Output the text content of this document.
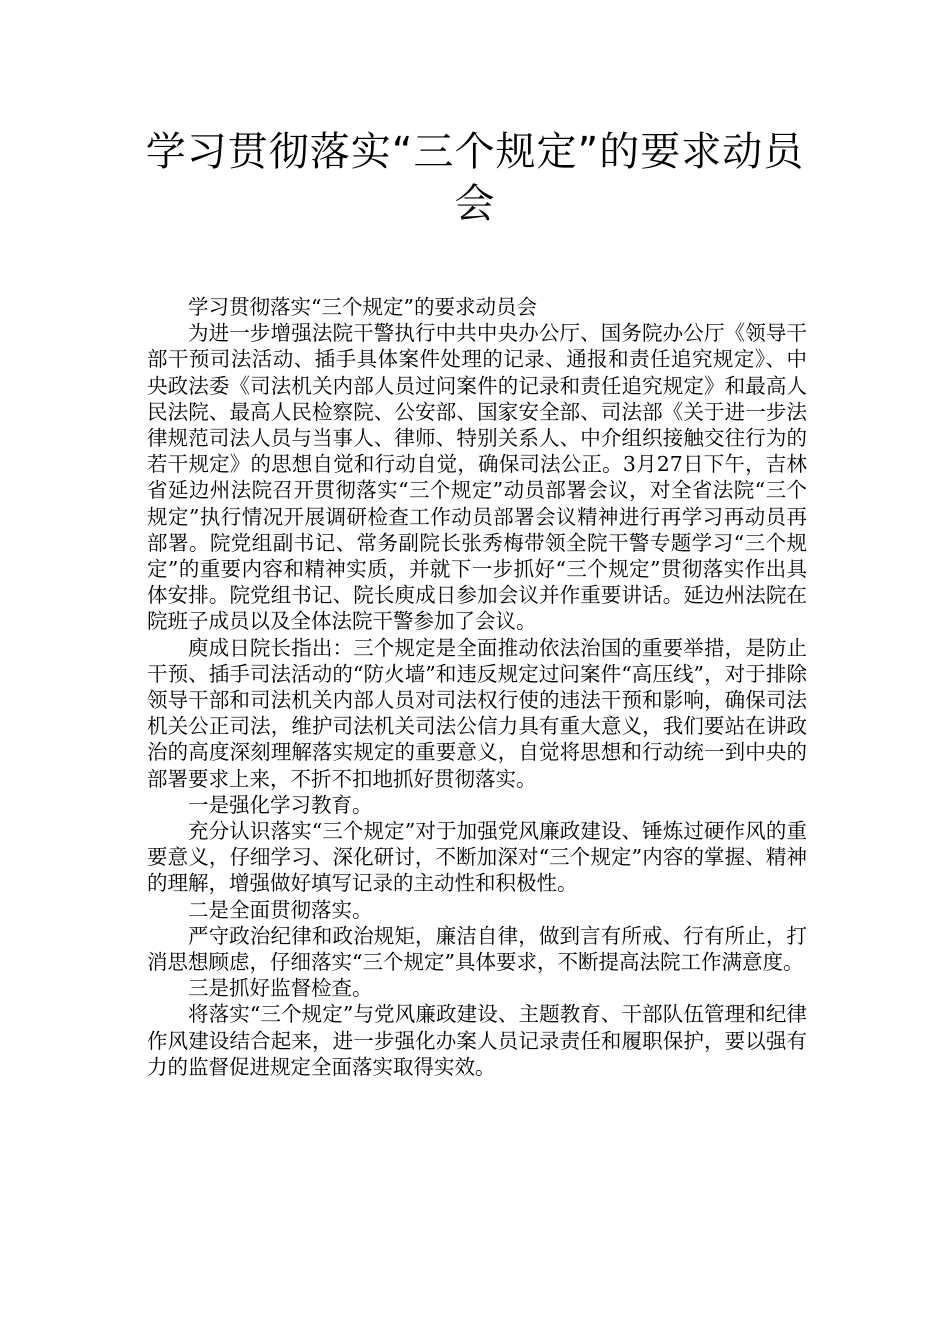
学习贯彻落实“三个规定”的要求动员会

学习贯彻落实“三个规定”的要求动员会

为进一步增强法院干警执行中共中央办公厅、国务院办公厅《领导干部干预司法活动、插手具体案件处理的记录、通报和责任追究规定》、中央政法委《司法机关内部人员过问案件的记录和责任追究规定》和最高人民法院、最高人民检察院、公安部、国家安全部、司法部《关于进一步法律规范司法人员与当事人、律师、特别关系人、中介组织接触交往行为的若干规定》的思想自觉和行动自觉，确保司法公正。3月27日下午，吉林省延边州法院召开贯彻落实“三个规定”动员部署会议，对全省法院“三个规定”执行情况开展调研检查工作动员部署会议精神进行再学习再动员再部署。院党组副书记、常务副院长张秀梅带领全院干警专题学习“三个规定”的重要内容和精神实质，并就下一步抓好“三个规定”贯彻落实作出具体安排。院党组书记、院长庾成日参加会议并作重要讲话。延边州法院在院班子成员以及全体法院干警参加了会议。

庾成日院长指出：三个规定是全面推动依法治国的重要举措，是防止干预、插手司法活动的“防火墙”和违反规定过问案件“高压线”，对于排除领导干部和司法机关内部人员对司法权行使的违法干预和影响，确保司法机关公正司法，维护司法机关司法公信力具有重大意义，我们要站在讲政治的高度深刻理解落实规定的重要意义，自觉将思想和行动统一到中央的部署要求上来，不折不扣地抓好贯彻落实。

一是强化学习教育。

充分认识落实“三个规定”对于加强党风廉政建设、锤炼过硬作风的重要意义，仔细学习、深化研讨，不断加深对“三个规定”内容的掌握、精神的理解，增强做好填写记录的主动性和积极性。

二是全面贯彻落实。

严守政治纪律和政治规矩，廉洁自律，做到言有所戒、行有所止，打消思想顾虑，仔细落实“三个规定”具体要求，不断提高法院工作满意度。

三是抓好监督检查。

将落实“三个规定”与党风廉政建设、主题教育、干部队伍管理和纪律作风建设结合起来，进一步强化办案人员记录责任和履职保护，要以强有力的监督促进规定全面落实取得实效。
